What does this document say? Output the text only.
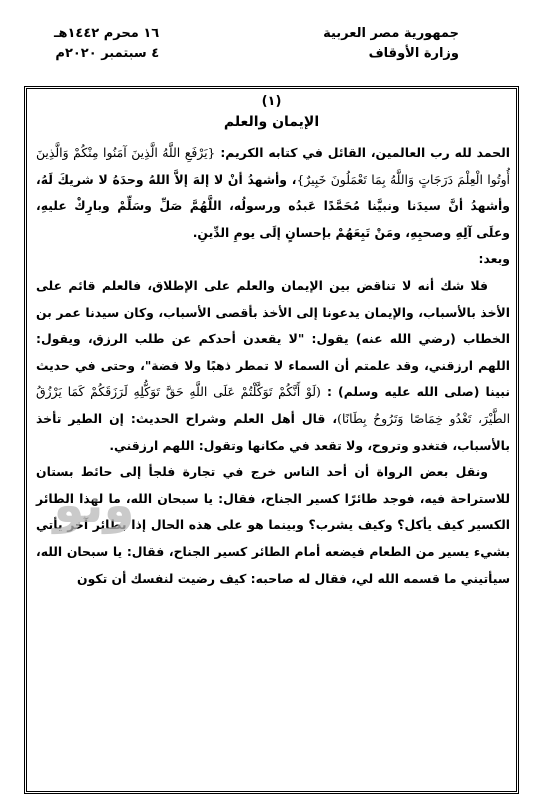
جمهورية مصر العربية
وزارة الأوقاف
١٦ محرم ١٤٤٢هـ
٤ سبتمبر ٢٠٢٠م
(١)
الإيمان والعلم

الحمد لله رب العالمين، القائل في كتابه الكريم: {يَرْفَعِ اللَّهُ الَّذِينَ آمَنُوا مِنْكُمْ وَالَّذِينَ أُوتُوا الْعِلْمَ دَرَجَاتٍ وَاللَّهُ بِمَا تَعْمَلُونَ خَبِيرٌ}، وأشهدُ أنْ لا إلهَ إلاَّ اللهُ وحدَهُ لا شريكَ لَهُ، وأشهدُ أنَّ سيدَنا ونبيَّنا مُحَمَّدًا عَبدُه ورسولُه، اللَّهُمَّ صَلِّ وسَلِّمْ وبارِكْ عليهِ، وعلَى آلِهِ وصحبِهِ، ومَنْ تَبِعَهُمْ بإحسانٍ إلَى يومِ الدِّينِ.

وبعد:

فلا شك أنه لا تناقض بين الإيمان والعلم على الإطلاق، فالعلم قائم على الأخذ بالأسباب، والإيمان يدعونا إلى الأخذ بأقصى الأسباب، وكان سيدنا عمر بن الخطاب (رضي الله عنه) يقول: "لا يقعدن أحدكم عن طلب الرزق، ويقول: اللهم ارزقني، وقد علمتم أن السماء لا تمطر ذهبًا ولا فضة"، وحتى في حديث نبينا (صلى الله عليه وسلم) : (لَوْ أَنَّكُمْ تَوَكَّلْتُمْ عَلَى اللَّهِ حَقَّ تَوَكُّلِهِ لَرَزَقَكُمْ كَمَا يَرْزُقُ الطَّيْرَ، تَغْدُو خِمَاصًا وَتَرُوحُ بِطَانًا)، قال أهل العلم وشراح الحديث: إن الطير تأخذ بالأسباب، فتغدو وتروح، ولا تقعد في مكانها وتقول: اللهم ارزقني.

ونقل بعض الرواة أن أحد الناس خرج في تجارة فلجأ إلى حائط بستان للاستراحة فيه، فوجد طائرًا كسير الجناح، فقال: يا سبحان الله، ما لهذا الطائر الكسير كيف يأكل؟ وكيف يشرب؟ وبينما هو على هذه الحال إذا بطائر آخر يأتي بشيء يسير من الطعام فيضعه أمام الطائر كسير الجناح، فقال: يا سبحان الله، سيأتيني ما قسمه الله لي، فقال له صاحبه: كيف رضيت لنفسك أن تكون

ونو
